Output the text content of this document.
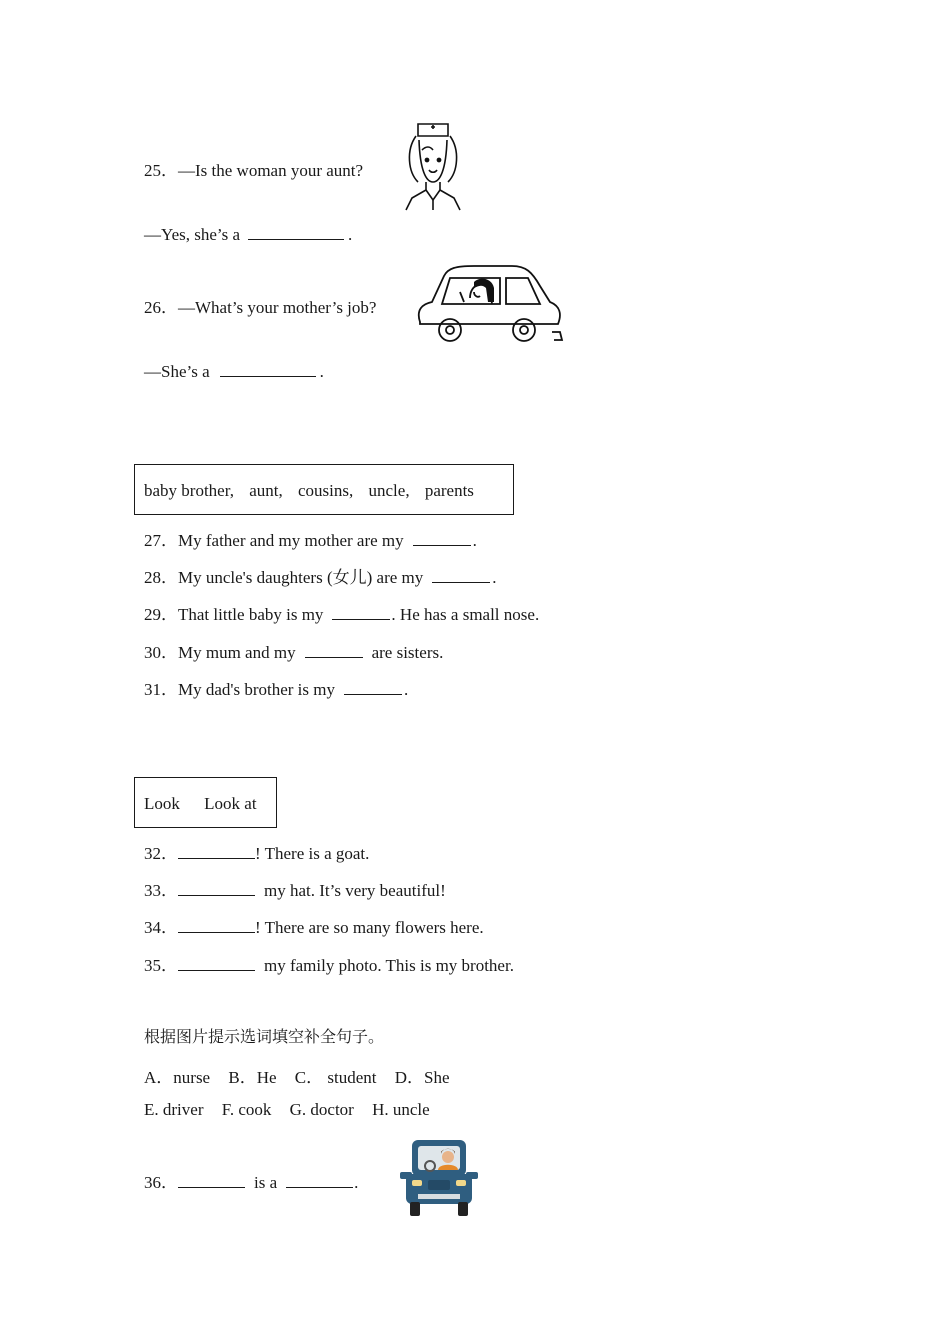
25．—Is the woman your aunt?
—Yes, she’s a	.
26．—What’s your mother’s job?
—She’s a	.
baby brother, aunt, cousins, uncle, parents
27．My father and my mother are my	.
28．My uncle's daughters (女儿) are my	.
29．That little baby is my	. He has a small nose.
30．My mum and my	are sisters.
31．My dad's brother is my	.
Look Look at
32．	! There is a goat.
33．	my hat. It’s very beautiful!
34．	! There are so many flowers here.
35．	my family photo. This is my brother.
根据图片提示选词填空补全句子。
A．nurse B．He C． student D．She
E. driver F. cook G. doctor H. uncle
36．	is a	.
